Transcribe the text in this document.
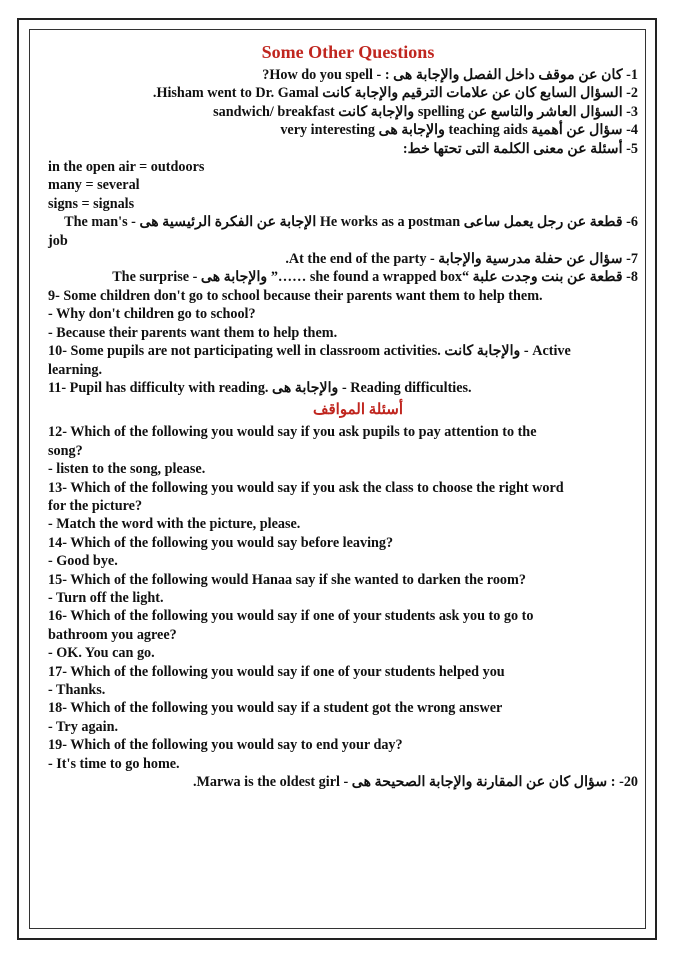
Some Other Questions
1- كان عن موقف داخل الفصل والإجابة هى : - How do you spell?
2- السؤال السابع كان عن علامات الترقيم والإجابة كانت Hisham went to Dr. Gamal.
3- السؤال العاشر والتاسع عن spelling والإجابة كانت sandwich/ breakfast
4- سؤال عن أهمية teaching aids والإجابة هى very interesting
5- أسئلة عن معنى الكلمة التى تحتها خط:
in the open air = outdoors
many = several
signs = signals
6- قطعة عن رجل يعمل ساعى He works as a postman الإجابة عن الفكرة الرئيسية هى - The man's
job
7- سؤال عن حفلة مدرسية والإجابة - At the end of the party.
8- قطعة عن بنت وجدت علبة “she found a wrapped box ……” والإجابة هى - The surprise
9- Some children don't go to school because their parents want them to help them.
- Why don't children go to school?
- Because their parents want them to help them.
10- Some pupils are not participating well in classroom activities. والإجابة كانت - Active
learning.
11- Pupil has difficulty with reading. والإجابة هى - Reading difficulties.
أسئلة المواقف
12- Which of the following you would say if you ask pupils to pay attention to the
song?
- listen to the song, please.
13- Which of the following you would say if you ask the class to choose the right word
for the picture?
- Match the word with the picture, please.
14- Which of the following you would say before leaving?
- Good bye.
15- Which of the following would Hanaa say if she wanted to darken the room?
- Turn off the light.
16- Which of the following you would say if one of your students ask you to go to
bathroom you agree?
- OK. You can go.
17- Which of the following you would say if one of your students helped you
- Thanks.
18- Which of the following you would say if a student got the wrong answer
- Try again.
19- Which of the following you would say to end your day?
- It's time to go home.
20- : سؤال كان عن المقارنة والإجابة الصحيحة هى - Marwa is the oldest girl.
